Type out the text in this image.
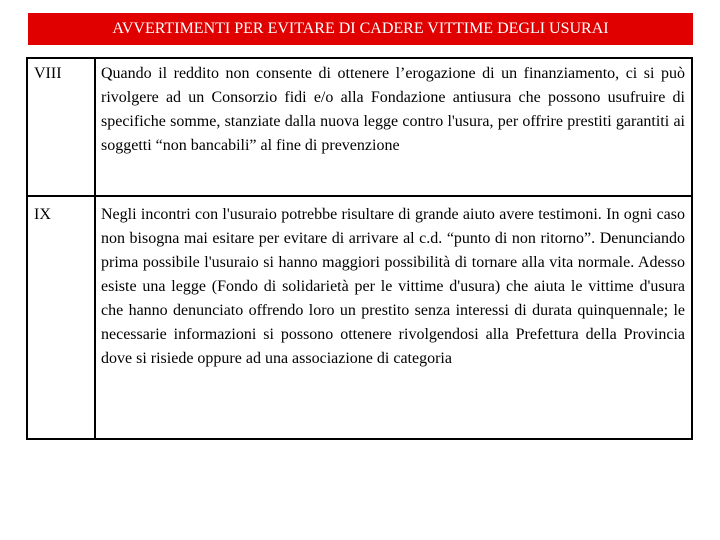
AVVERTIMENTI PER EVITARE DI CADERE VITTIME DEGLI USURAI
VIII Quando il reddito non consente di ottenere l’erogazione di un finanziamento, ci si può rivolgere ad un Consorzio fidi e/o alla Fondazione antiusura che possono usufruire di specifiche somme, stanziate dalla nuova legge contro l'usura, per offrire prestiti garantiti ai soggetti “non bancabili” al fine di prevenzione
IX	Negli incontri con l'usuraio potrebbe risultare di grande aiuto avere testimoni. In ogni caso non bisogna mai esitare per evitare di arrivare al c.d. “punto di non ritorno”. Denunciando prima possibile l'usuraio si hanno maggiori possibilità di tornare alla vita normale. Adesso esiste una legge (Fondo di solidarietà per le vittime d'usura) che aiuta le vittime d'usura che hanno denunciato offrendo loro un prestito senza interessi di durata quinquennale; le necessarie informazioni si possono ottenere rivolgendosi alla Prefettura della Provincia dove si risiede oppure ad una associazione di categoria
